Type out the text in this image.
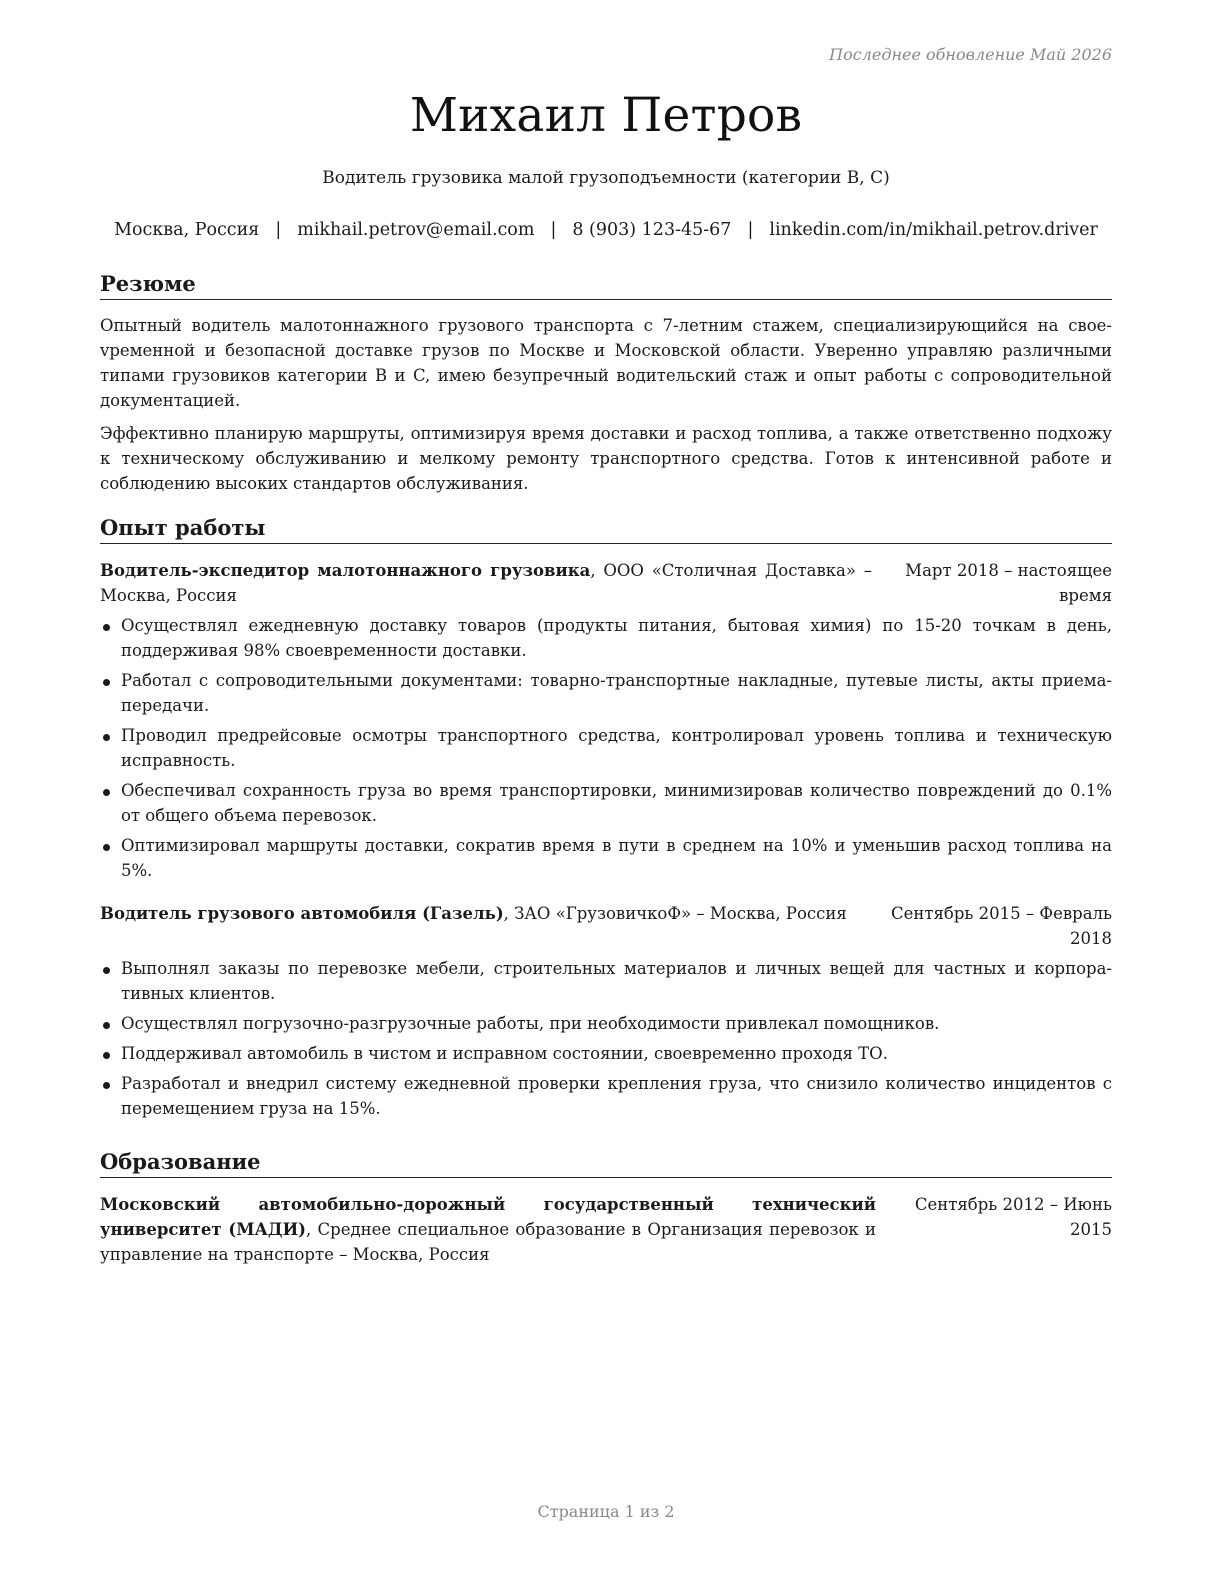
Последнее обновление Май 2026
Михаил Петров
Водитель грузовика малой грузоподъемности (категории B, C)
Москва, Россия | mikhail.petrov@email.com | 8 (903) 123-45-67 | linkedin.com/in/mikhail.petrov.driver
Резюме

Опытный водитель малотоннажного грузового транспорта с 7-летним стажем, специализирующийся на своеvременной и безопасной доставке грузов по Москве и Московской области. Уверенно управляю различными типами грузовиков категории B и C, имею безупречный водительский стаж и опыт работы с сопроводительной документацией.

Эффективно планирую маршруты, оптимизируя время доставки и расход топлива, а также ответственно подхожу к техническому обслуживанию и мелкому ремонту транспортного средства. Готов к интенсивной работе и соблюдению высоких стандартов обслуживания.

Опыт работы
Водитель-экспедитор малотоннажного грузовика, ООО «Столичная Доставка» – Москва, Россия
Март 2018 – настоящее время
Осуществлял ежедневную доставку товаров (продукты питания, бытовая химия) по 15-20 точкам в день, поддерживая 98% своевременности доставки.
Работал с сопроводительными документами: товарно-транспортные накладные, путевые листы, акты приема-передачи.
Проводил предрейсовые осмотры транспортного средства, контролировал уровень топлива и техническую исправность.
Обеспечивал сохранность груза во время транспортировки, минимизировав количество повреждений до 0.1% от общего объема перевозок.
Оптимизировал маршруты доставки, сократив время в пути в среднем на 10% и уменьшив расход топлива на 5%.
Водитель грузового автомобиля (Газель), ЗАО «ГрузовичкоФ» – Москва, Россия	Сентябрь 2015 – Февраль 2018
Выполнял заказы по перевозке мебели, строительных материалов и личных вещей для частных и корпоративных клиентов.
Осуществлял погрузочно-разгрузочные работы, при необходимости привлекал помощников.
Поддерживал автомобиль в чистом и исправном состоянии, своевременно проходя ТО.
Разработал и внедрил систему ежедневной проверки крепления груза, что снизило количество инцидентов с перемещением груза на 15%.
Образование
Московский автомобильно-дорожный государственный технический университет (МАДИ), Среднее специальное образование в Организация перевозок и управление на транспорте – Москва, Россия
Сентябрь 2012 – Июнь 2015
Страница 1 из 2
